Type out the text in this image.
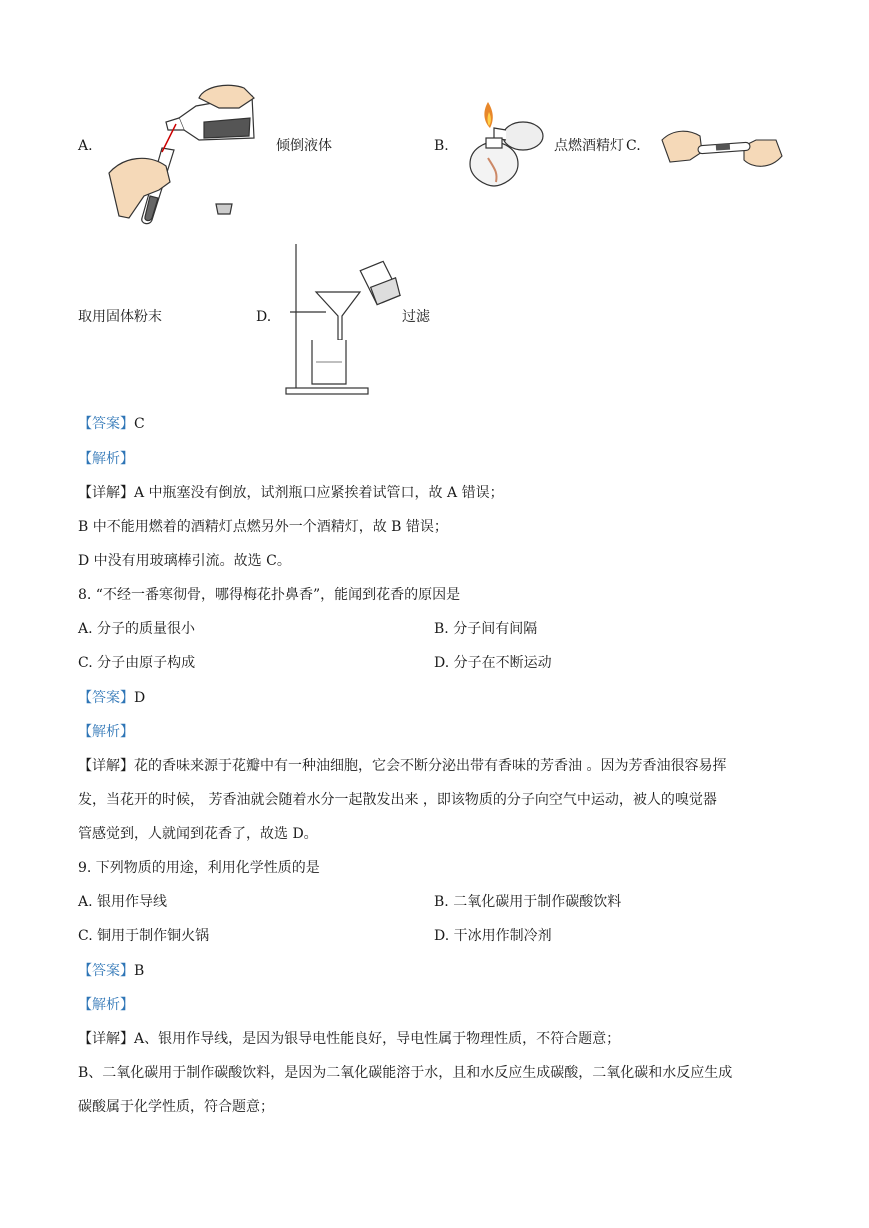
A.	倾倒液体	B.	点燃酒精灯 C.
取用固体粉末	D.	过滤
【答案】C
【解析】
【详解】A 中瓶塞没有倒放，试剂瓶口应紧挨着试管口，故 A 错误；
B 中不能用燃着的酒精灯点燃另外一个酒精灯，故 B 错误；
D 中没有用玻璃棒引流。故选 C。
8. “不经一番寒彻骨，哪得梅花扑鼻香”，能闻到花香的原因是
A. 分子的质量很小	B. 分子间有间隔
C. 分子由原子构成	D. 分子在不断运动
【答案】D
【解析】
【详解】花的香味来源于花瓣中有一种油细胞，它会不断分泌出带有香味的芳香油 。因为芳香油很容易挥
发，当花开的时候， 芳香油就会随着水分一起散发出来 ，即该物质的分子向空气中运动，被人的嗅觉器
管感觉到，人就闻到花香了，故选 D。
9. 下列物质的用途，利用化学性质的是
A. 银用作导线	B. 二氧化碳用于制作碳酸饮料
C. 铜用于制作铜火锅	D. 干冰用作制冷剂
【答案】B
【解析】
【详解】A、银用作导线，是因为银导电性能良好，导电性属于物理性质，不符合题意；
B、二氧化碳用于制作碳酸饮料，是因为二氧化碳能溶于水，且和水反应生成碳酸，二氧化碳和水反应生成
碳酸属于化学性质，符合题意；
